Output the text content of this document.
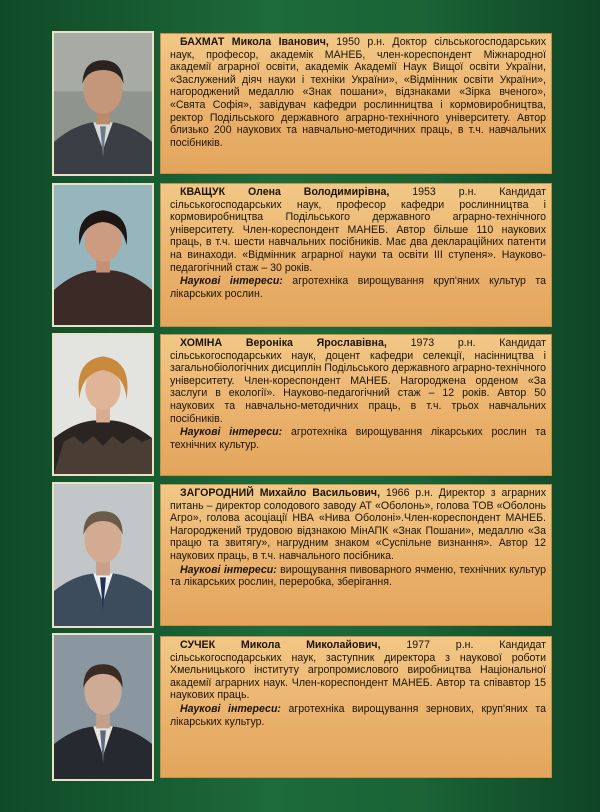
БАХМАТ Микола Іванович, 1950 р.н. Доктор сільськогосподарських наук, професор, академік МАНЕБ, член-кореспондент Міжнародної академії аграрної освіти, академік Академії Наук Вищої освіти України, «Заслужений діяч науки і техніки України», «Відмінник освіти України», нагороджений медаллю «Знак пошани», відзнаками «Зірка вченого», «Свята Софія», завідувач кафедри рослинництва і кормовиробництва, ректор Подільського державного аграрно-технічного університету. Автор близько 200 наукових та навчально-методичних праць, в т.ч. навчальних посібників.

КВАЩУК Олена Володимирівна, 1953 р.н. Кандидат сільськогосподарських наук, професор кафедри рослинництва і кормовиробництва Подільського державного аграрно-технічного університету. Член-кореспондент МАНЕБ. Автор більше 110 наукових праць, в т.ч. шести навчальних посібників. Має два деклараційних патенти на винаходи. «Відмінник аграрної науки та освіти ІІІ ступеня». Науково-педагогічний стаж – 30 років.

Наукові інтереси: агротехніка вирощування круп'яних культур та лікарських рослин.

ХОМІНА Вероніка Ярославівна, 1973 р.н. Кандидат сільськогосподарських наук, доцент кафедри селекції, насінництва і загальнобіологічних дисциплін Подільського державного аграрно-технічного університету. Член-кореспондент МАНЕБ. Нагороджена орденом «За заслуги в екології». Науково-педагогічний стаж – 12 років. Автор 50 наукових та навчально-методичних праць, в т.ч. трьох навчальних посібників.

Наукові інтереси: агротехніка вирощування лікарських рослин та технічних культур.

ЗАГОРОДНИЙ Михайло Васильович, 1966 р.н. Директор з аграрних питань – директор солодового заводу АТ «Оболонь», голова ТОВ «Оболонь Агро», голова асоціації НВА «Нива Оболоні».Член-кореспондент МАНЕБ. Нагороджений трудовою відзнакою МінАПК «Знак Пошани», медаллю «За працю та звитягу», нагрудним знаком «Суспільне визнання». Автор 12 наукових праць, в т.ч. навчального посібника.

Наукові інтереси: вирощування пивоварного ячменю, технічних культур та лікарських рослин, переробка, зберігання.

СУЧЕК Микола Миколайович, 1977 р.н. Кандидат сільськогосподарських наук, заступник директора з наукової роботи Хмельницького інституту агропромислового виробництва Національної академії аграрних наук. Член-кореспондент МАНЕБ. Автор та співавтор 15 наукових праць.

Наукові інтереси: агротехніка вирощування зернових, круп'яних та лікарських культур.
